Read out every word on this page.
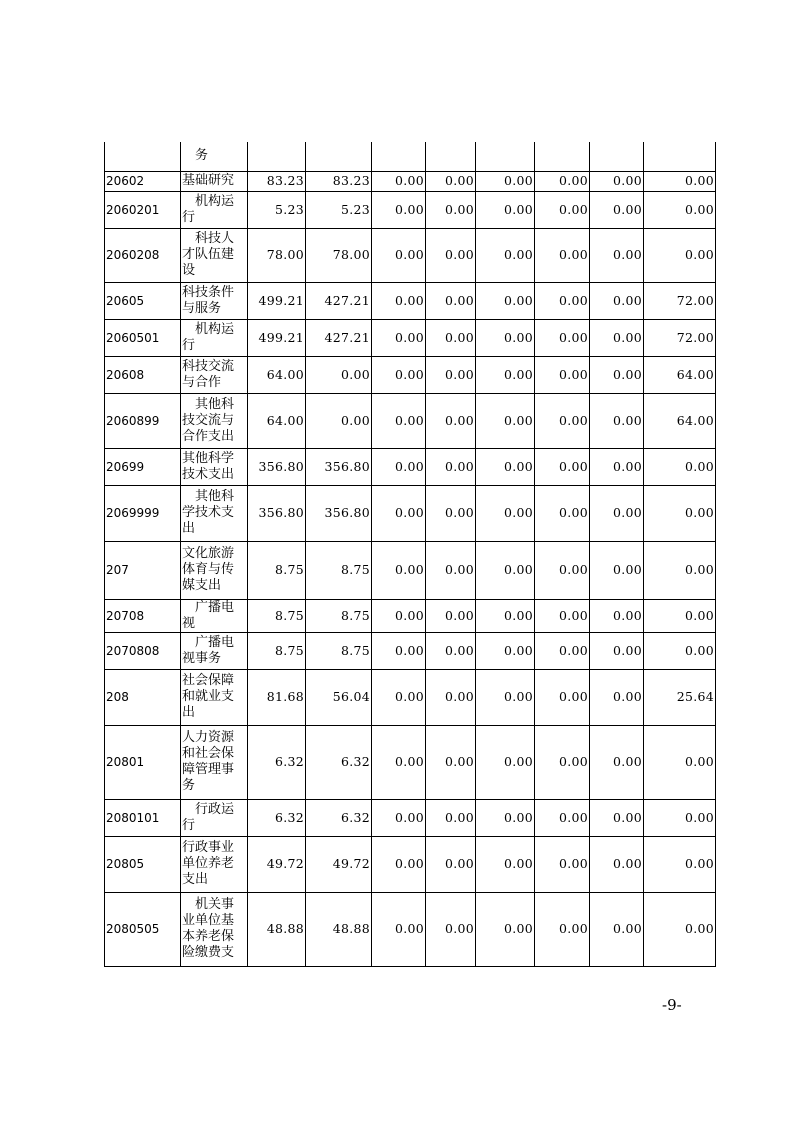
	务								
20602	基础研究	83.23	83.23	0.00	0.00	0.00	0.00	0.00	0.00
2060201	机构运行	5.23	5.23	0.00	0.00	0.00	0.00	0.00	0.00
2060208	科技人才队伍建设	78.00	78.00	0.00	0.00	0.00	0.00	0.00	0.00
20605	科技条件与服务	499.21	427.21	0.00	0.00	0.00	0.00	0.00	72.00
2060501	机构运行	499.21	427.21	0.00	0.00	0.00	0.00	0.00	72.00
20608	科技交流与合作	64.00	0.00	0.00	0.00	0.00	0.00	0.00	64.00
2060899	其他科技交流与合作支出	64.00	0.00	0.00	0.00	0.00	0.00	0.00	64.00
20699	其他科学技术支出	356.80	356.80	0.00	0.00	0.00	0.00	0.00	0.00
2069999	其他科学技术支出	356.80	356.80	0.00	0.00	0.00	0.00	0.00	0.00
207	文化旅游体育与传媒支出	8.75	8.75	0.00	0.00	0.00	0.00	0.00	0.00
20708	广播电视	8.75	8.75	0.00	0.00	0.00	0.00	0.00	0.00
2070808	广播电视事务	8.75	8.75	0.00	0.00	0.00	0.00	0.00	0.00
208	社会保障和就业支出	81.68	56.04	0.00	0.00	0.00	0.00	0.00	25.64
20801	人力资源和社会保障管理事务	6.32	6.32	0.00	0.00	0.00	0.00	0.00	0.00
2080101	行政运行	6.32	6.32	0.00	0.00	0.00	0.00	0.00	0.00
20805	行政事业单位养老支出	49.72	49.72	0.00	0.00	0.00	0.00	0.00	0.00
2080505	机关事业单位基本养老保险缴费支	48.88	48.88	0.00	0.00	0.00	0.00	0.00	0.00
-9-
